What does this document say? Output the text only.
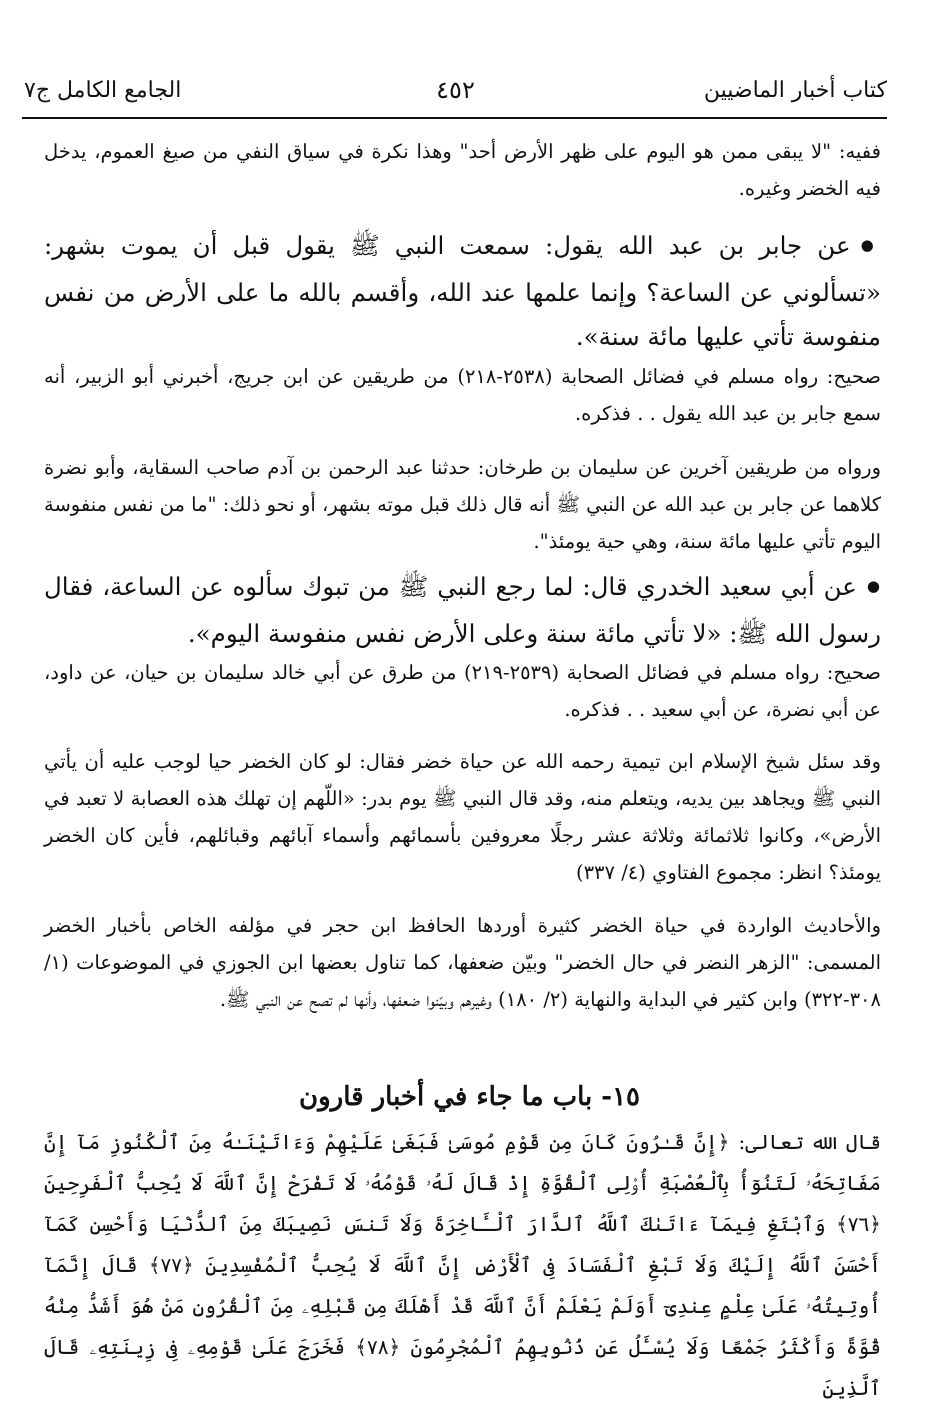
كتاب أخبار الماضيين
٤٥٢
الجامع الكامل ج٧
ففيه: "لا يبقى ممن هو اليوم على ظهر الأرض أحد" وهذا نكرة في سياق النفي من صيغ العموم، يدخل فيه الخضر وغيره.
● عن جابر بن عبد الله يقول: سمعت النبي ﷺ يقول قبل أن يموت بشهر: «تسألوني عن الساعة؟ وإنما علمها عند الله، وأقسم بالله ما على الأرض من نفس منفوسة تأتي عليها مائة سنة».
صحيح: رواه مسلم في فضائل الصحابة (٢٥٣٨-٢١٨) من طريقين عن ابن جريج، أخبرني أبو الزبير، أنه سمع جابر بن عبد الله يقول . . فذكره.
ورواه من طريقين آخرين عن سليمان بن طرخان: حدثنا عبد الرحمن بن آدم صاحب السقاية، وأبو نضرة كلاهما عن جابر بن عبد الله عن النبي ﷺ أنه قال ذلك قبل موته بشهر، أو نحو ذلك: "ما من نفس منفوسة اليوم تأتي عليها مائة سنة، وهي حية يومئذ".
● عن أبي سعيد الخدري قال: لما رجع النبي ﷺ من تبوك سألوه عن الساعة، فقال رسول الله ﷺ: «لا تأتي مائة سنة وعلى الأرض نفس منفوسة اليوم».
صحيح: رواه مسلم في فضائل الصحابة (٢٥٣٩-٢١٩) من طرق عن أبي خالد سليمان بن حيان، عن داود، عن أبي نضرة، عن أبي سعيد . . فذكره.
وقد سئل شيخ الإسلام ابن تيمية رحمه الله عن حياة خضر فقال: لو كان الخضر حيا لوجب عليه أن يأتي النبي ﷺ ويجاهد بين يديه، ويتعلم منه، وقد قال النبي ﷺ يوم بدر: «اللّهم إن تهلك هذه العصابة لا تعبد في الأرض»، وكانوا ثلاثمائة وثلاثة عشر رجلًا معروفين بأسمائهم وأسماء آبائهم وقبائلهم، فأين كان الخضر يومئذ؟ انظر: مجموع الفتاوي (٤/ ٣٣٧)
والأحاديث الواردة في حياة الخضر كثيرة أوردها الحافظ ابن حجر في مؤلفه الخاص بأخبار الخضر المسمى: "الزهر النضر في حال الخضر" وبيّن ضعفها، كما تناول بعضها ابن الجوزي في الموضوعات (١/ ٣٠٨-٣٢٢) وابن كثير في البداية والنهاية (٢/ ١٨٠) وغيرهم وبيّنوا ضعفها، وأنها لم تصح عن النبي ﷺ.
١٥- باب ما جاء في أخبار قارون
قال الله تعالى: ﴿إِنَّ قَـٰرُونَ كَانَ مِن قَوْمِ مُوسَىٰ فَبَغَىٰ عَلَيْهِمْ وَءَاتَيْنَـٰهُ مِنَ ٱلْكُنُوزِ مَآ إِنَّ مَفَاتِحَهُۥ لَتَنُوٓأُ بِٱلْعُصْبَةِ أُو۟لِى ٱلْقُوَّةِ إِذْ قَالَ لَهُۥ قَوْمُهُۥ لَا تَفْرَحْ إِنَّ ٱللَّهَ لَا يُحِبُّ ٱلْفَرِحِينَ ﴿٧٦﴾ وَٱبْتَغِ فِيمَآ ءَاتَىٰكَ ٱللَّهُ ٱلدَّارَ ٱلْـَٔاخِرَةَ وَلَا تَنسَ نَصِيبَكَ مِنَ ٱلدُّنْيَا وَأَحْسِن كَمَآ أَحْسَنَ ٱللَّهُ إِلَيْكَ وَلَا تَبْغِ ٱلْفَسَادَ فِى ٱلْأَرْضِ إِنَّ ٱللَّهَ لَا يُحِبُّ ٱلْمُفْسِدِينَ ﴿٧٧﴾ قَالَ إِنَّمَآ أُوتِيتُهُۥ عَلَىٰ عِلْمٍ عِندِىٓ أَوَلَمْ يَعْلَمْ أَنَّ ٱللَّهَ قَدْ أَهْلَكَ مِن قَبْلِهِۦ مِنَ ٱلْقُرُونِ مَنْ هُوَ أَشَدُّ مِنْهُ قُوَّةً وَأَكْثَرُ جَمْعًا وَلَا يُسْـَٔلُ عَن ذُنُوبِهِمُ ٱلْمُجْرِمُونَ ﴿٧٨﴾ فَخَرَجَ عَلَىٰ قَوْمِهِۦ فِى زِينَتِهِۦ قَالَ ٱلَّذِينَ
